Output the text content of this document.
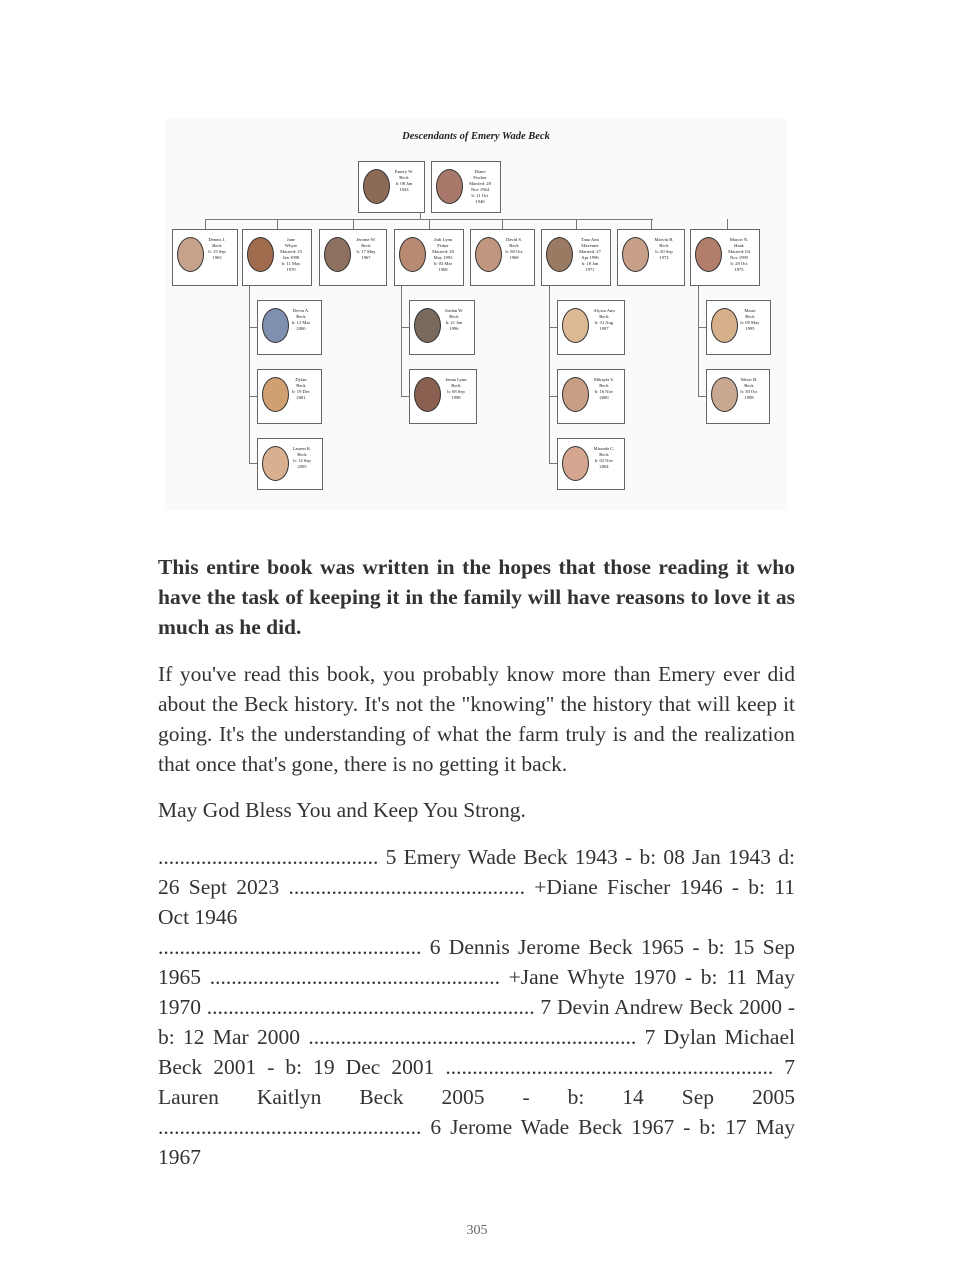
Descendants of Emery Wade Beck
Emery W.
Beck
b: 08 Jan
1943
Diane
Fischer
Married: 28
Nov 1964
b: 11 Oct
1946
Dennis J.
Beck
b: 15 Sep
1965
Jane
Whyte
Married: 25
Jan 1998
b: 11 May
1970
Jerome W.
Beck
b: 17 May
1967
Jodi Lynn
Fisher
Married: 29
May 1993
b: 03 Mar
1968
David S.
Beck
b: 08 Oct
1968
Tana Ann
Maxemer
Married: 27
Apr 1996
b: 18 Jan
1971
Marvin B.
Beck
b: 20 Sep
1972
Marcie N.
Haak
Married: 04
Nov 1995
b: 28 Oct
1975
Devin A.
Beck
b: 12 Mar
2000
Dylan
Beck
b: 19 Dec
2001
Lauren K.
Beck
b: 14 Sep
2005
Jordan W.
Beck
b: 21 Jan
1996
Jenna Lynn
Beck
b: 08 Sep
1998
Alyssa Ann
Beck
b: 31 Aug
1997
Mikayla S.
Beck
b: 16 Nov
2000
Miranda C.
Beck
b: 02 Nov
2004
Mauri
Beck
b: 09 May
1995
Mesic B.
Beck
b: 30 Oct
1998
This entire book was written in the hopes that those reading it who have the task of keeping it in the family will have reasons to love it as much as he did.
If you've read this book, you probably know more than Emery ever did about the Beck history. It's not the "knowing" the history that will keep it going. It's the understanding of what the farm truly is and the realization that once that's gone, there is no getting it back.
May God Bless You and Keep You Strong.
......................................... 5 Emery Wade Beck 1943 - b: 08 Jan 1943 d: 26 Sept 2023 ............................................ +Diane Fischer 1946 - b: 11 Oct 1946
................................................. 6 Dennis Jerome Beck 1965 - b: 15 Sep 1965 ...................................................... +Jane Whyte 1970 - b: 11 May 1970 ............................................................. 7 Devin Andrew Beck 2000 - b: 12 Mar 2000 ............................................................. 7 Dylan Michael Beck 2001 - b: 19 Dec 2001 ............................................................. 7 Lauren Kaitlyn Beck 2005 - b: 14 Sep 2005 ................................................. 6 Jerome Wade Beck 1967 - b: 17 May 1967
305
